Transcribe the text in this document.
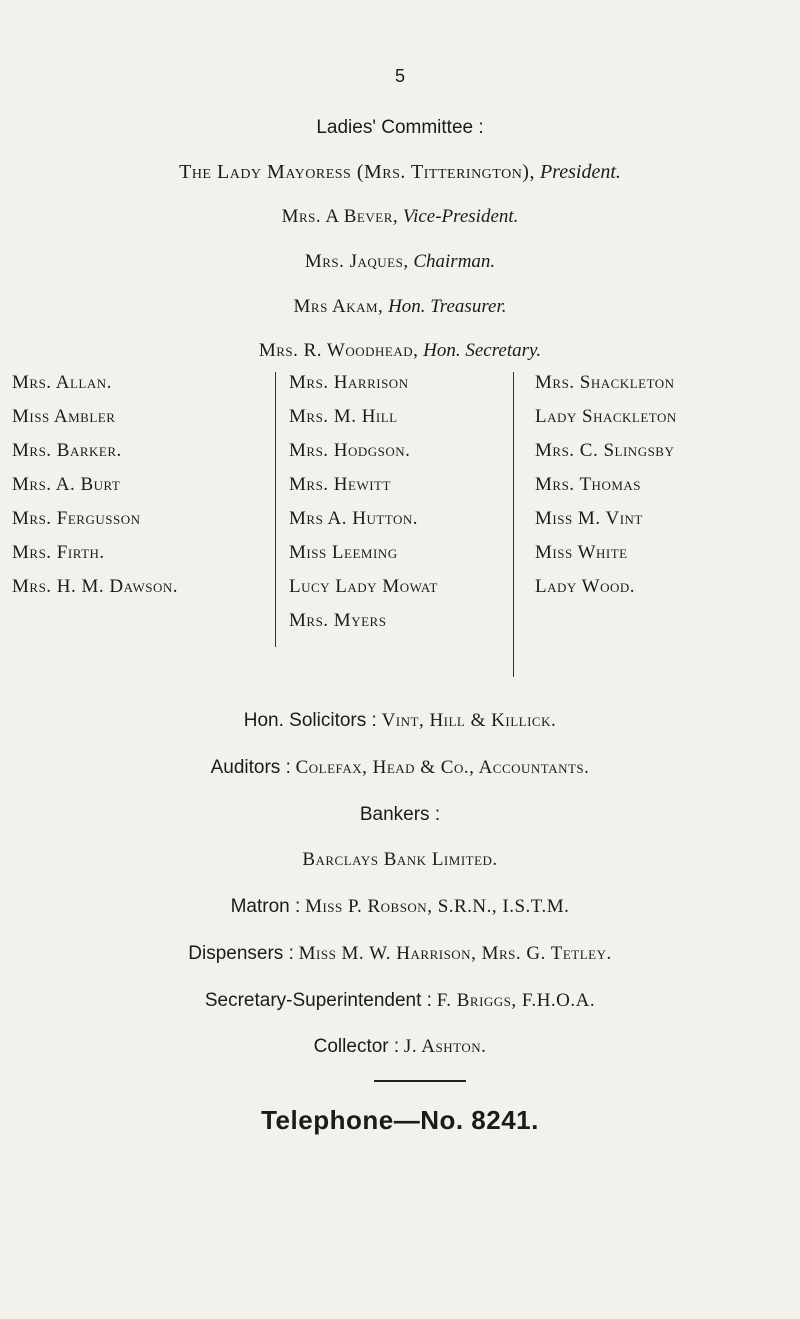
5
Ladies' Committee :
The Lady Mayoress (Mrs. Titterington), President.
Mrs. A Bever, Vice-President.
Mrs. Jaques, Chairman.
Mrs Akam, Hon. Treasurer.
Mrs. R. Woodhead, Hon. Secretary.
Mrs. Allan.
Miss Ambler
Mrs. Barker.
Mrs. A. Burt
Mrs. Fergusson
Mrs. Firth.
Mrs. H. M. Dawson.
Mrs. Harrison
Mrs. M. Hill
Mrs. Hodgson.
Mrs. Hewitt
Mrs A. Hutton.
Miss Leeming
Lucy Lady Mowat
Mrs. Myers
Mrs. Shackleton
Lady Shackleton
Mrs. C. Slingsby
Mrs. Thomas
Miss M. Vint
Miss White
Lady Wood.
Hon. Solicitors : Vint, Hill & Killick.
Auditors : Colefax, Head & Co., Accountants.
Bankers :
Barclays Bank Limited.
Matron : Miss P. Robson, S.R.N., I.S.T.M.
Dispensers : Miss M. W. Harrison, Mrs. G. Tetley.
Secretary-Superintendent : F. Briggs, F.H.O.A.
Collector : J. Ashton.
Telephone—No. 8241.
